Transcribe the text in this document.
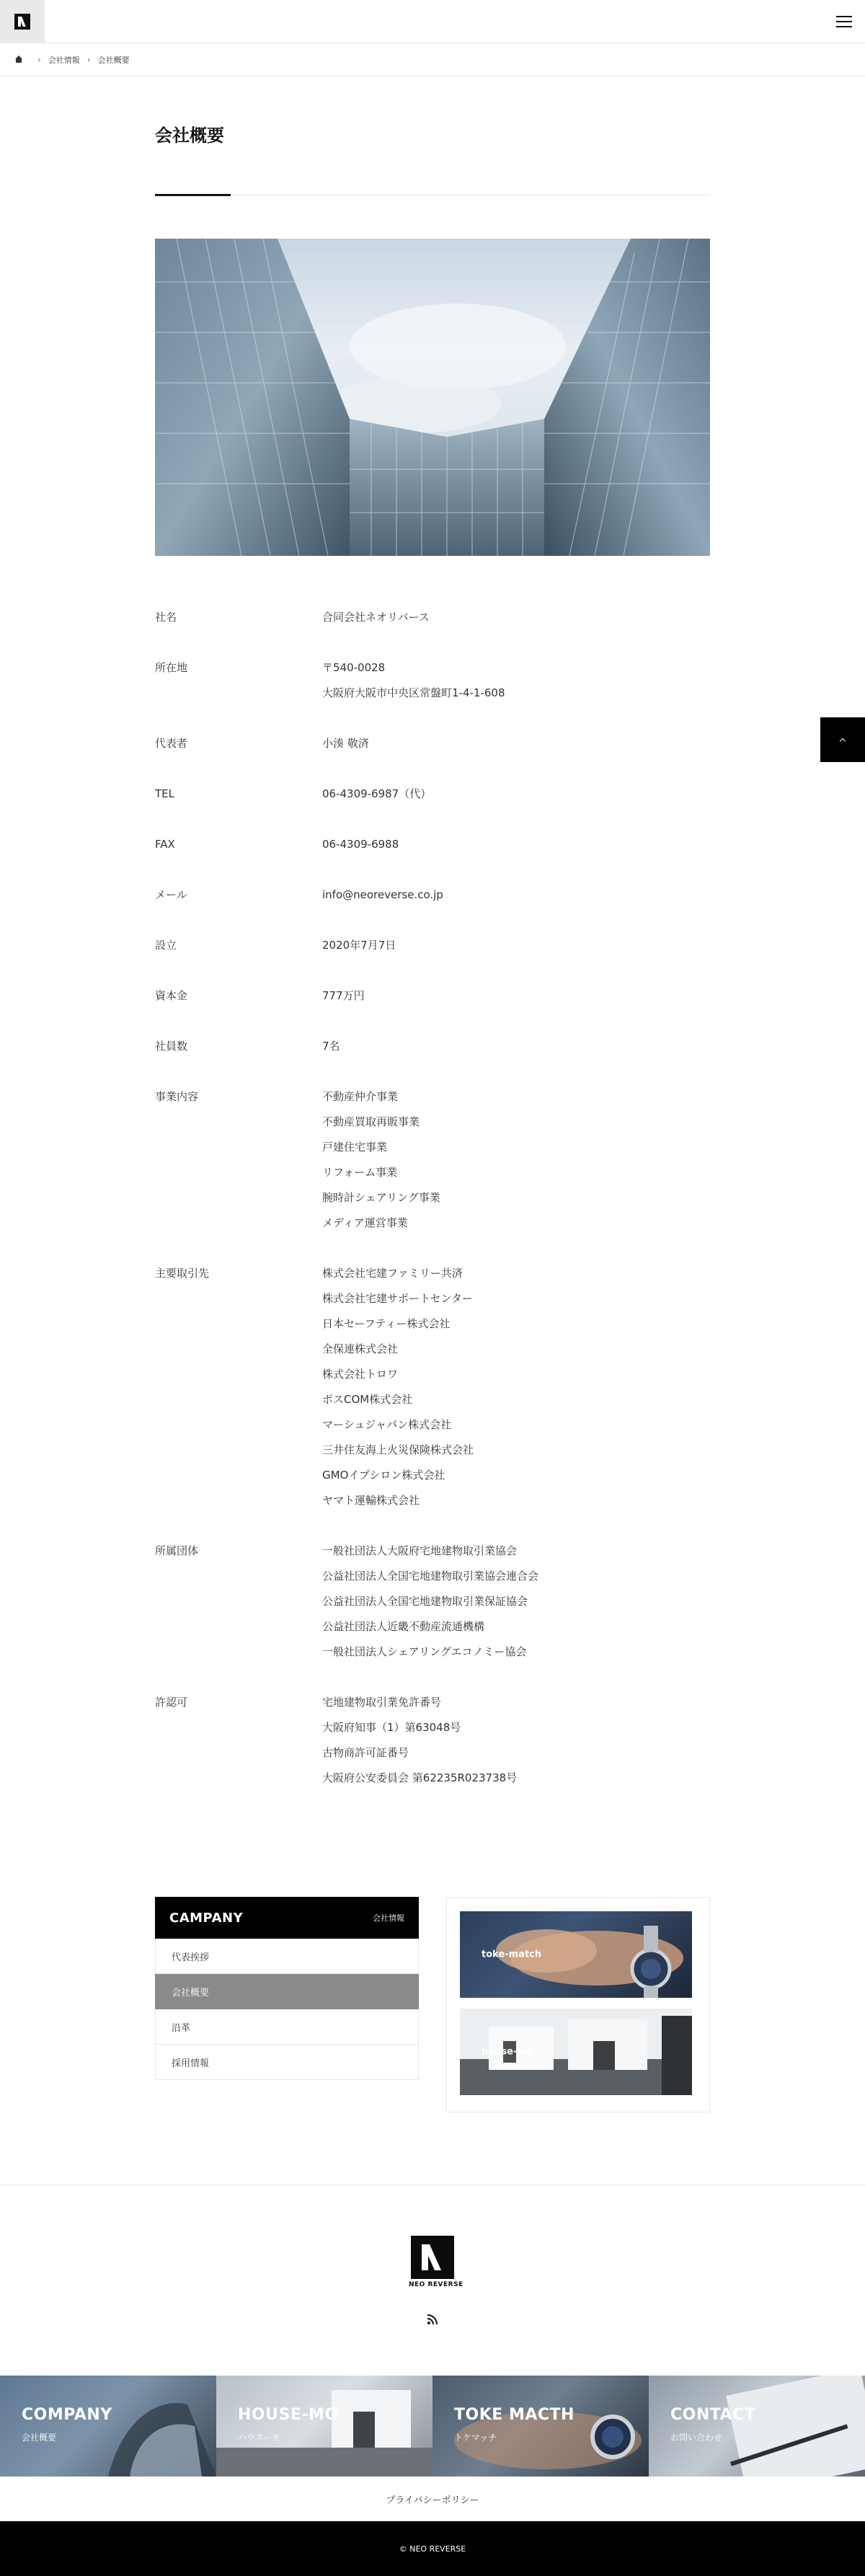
› 会社情報 › 会社概要
会社概要
社名	合同会社ネオリバース
所在地	〒540-0028
大阪府大阪市中央区常盤町1-4-1-608
代表者	小湊 敬済
TEL	06-4309-6987（代）
FAX	06-4309-6988
メール	info@neoreverse.co.jp
設立	2020年7月7日
資本金	777万円
社員数	7名
事業内容	不動産仲介事業
不動産買取再販事業
戸建住宅事業
リフォーム事業
腕時計シェアリング事業
メディア運営事業
主要取引先	株式会社宅建ファミリー共済
株式会社宅建サポートセンター
日本セーフティー株式会社
全保連株式会社
株式会社トロワ
ポスCOM株式会社
マーシュジャパン株式会社
三井住友海上火災保険株式会社
GMOイプシロン株式会社
ヤマト運輸株式会社
所属団体	一般社団法人大阪府宅地建物取引業協会
公益社団法人全国宅地建物取引業協会連合会
公益社団法人全国宅地建物取引業保証協会
公益社団法人近畿不動産流通機構
一般社団法人シェアリングエコノミー協会
許認可	宅地建物取引業免許番号
大阪府知事（1）第63048号
古物商許可証番号
大阪府公安委員会 第62235R023738号
CAMPANY	会社情報
代表挨拶
会社概要
沿革
採用情報
toke-match
house-mo
NEO REVERSE
COMPANY
会社概要
HOUSE-MO
ハウスーモ
TOKE MACTH
トケマッチ
CONTACT
お問い合わせ
プライバシーポリシー
© NEO REVERSE
